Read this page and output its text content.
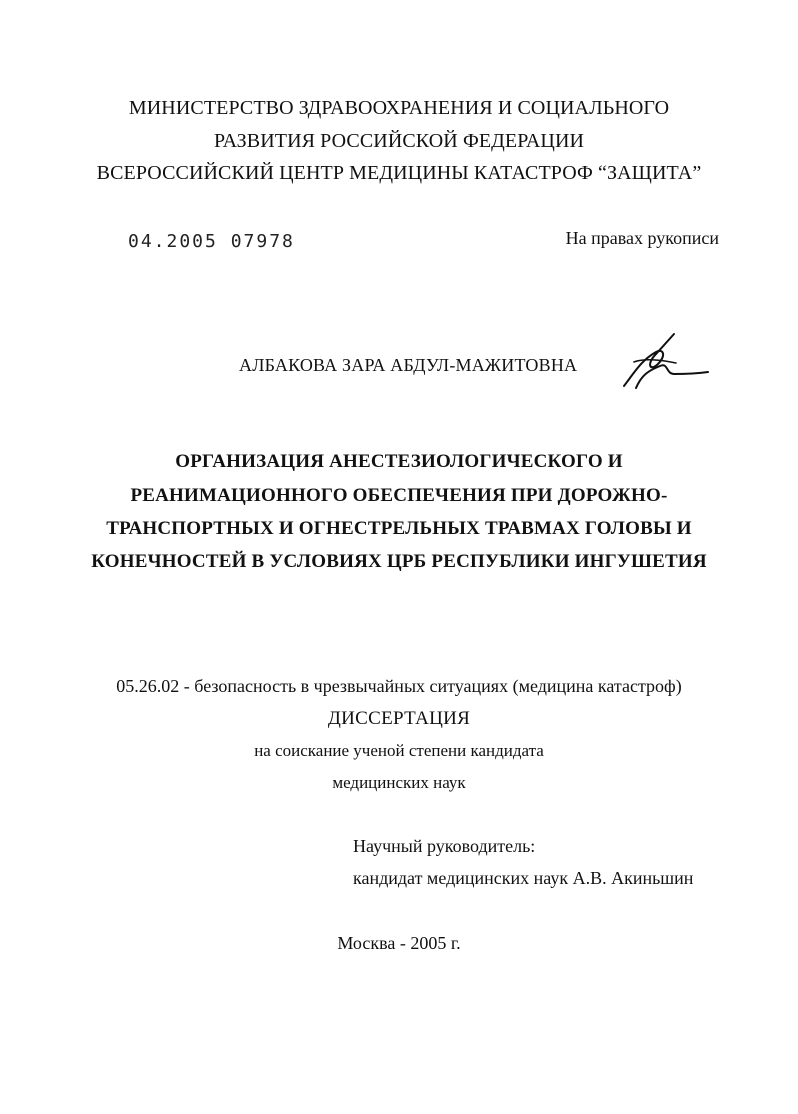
МИНИСТЕРСТВО ЗДРАВООХРАНЕНИЯ И СОЦИАЛЬНОГО
РАЗВИТИЯ РОССИЙСКОЙ ФЕДЕРАЦИИ
ВСЕРОССИЙСКИЙ ЦЕНТР МЕДИЦИНЫ КАТАСТРОФ “ЗАЩИТА”
04.2005 07978	На правах рукописи
АЛБАКОВА ЗАРА АБДУЛ-МАЖИТОВНА
ОРГАНИЗАЦИЯ АНЕСТЕЗИОЛОГИЧЕСКОГО И
РЕАНИМАЦИОННОГО ОБЕСПЕЧЕНИЯ ПРИ ДОРОЖНО-
ТРАНСПОРТНЫХ И ОГНЕСТРЕЛЬНЫХ ТРАВМАХ ГОЛОВЫ И
КОНЕЧНОСТЕЙ В УСЛОВИЯХ ЦРБ РЕСПУБЛИКИ ИНГУШЕТИЯ
05.26.02 - безопасность в чрезвычайных ситуациях (медицина катастроф)
ДИССЕРТАЦИЯ
на соискание ученой степени кандидата
медицинских наук
Научный руководитель:
кандидат медицинских наук А.В. Акиньшин
Москва - 2005 г.
